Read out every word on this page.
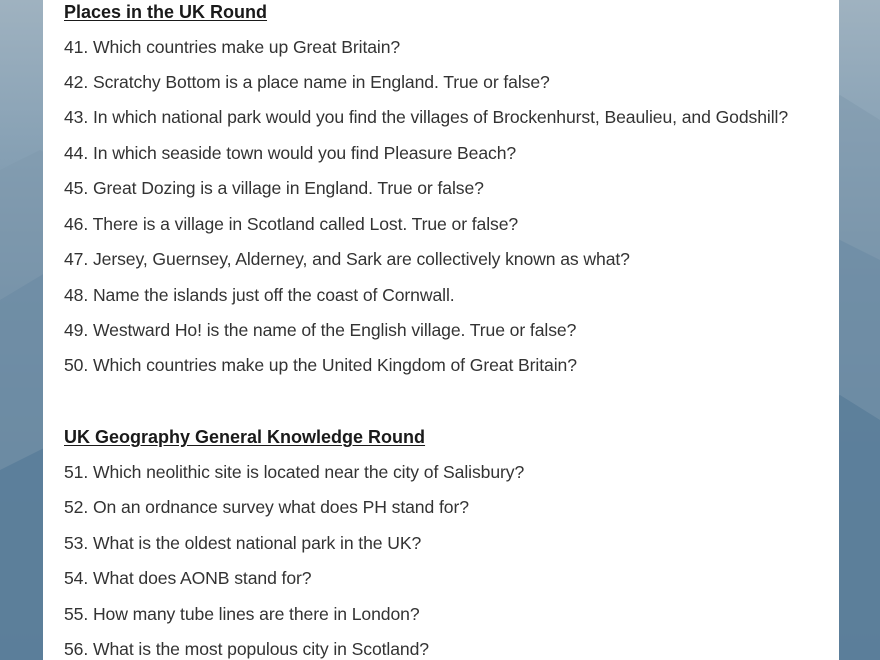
Places in the UK Round
41. Which countries make up Great Britain?
42. Scratchy Bottom is a place name in England. True or false?
43. In which national park would you find the villages of Brockenhurst, Beaulieu, and Godshill?
44. In which seaside town would you find Pleasure Beach?
45. Great Dozing is a village in England. True or false?
46. There is a village in Scotland called Lost. True or false?
47. Jersey, Guernsey, Alderney, and Sark are collectively known as what?
48. Name the islands just off the coast of Cornwall.
49. Westward Ho! is the name of the English village. True or false?
50. Which countries make up the United Kingdom of Great Britain?
UK Geography General Knowledge Round
51. Which neolithic site is located near the city of Salisbury?
52. On an ordnance survey what does PH stand for?
53. What is the oldest national park in the UK?
54. What does AONB stand for?
55. How many tube lines are there in London?
56. What is the most populous city in Scotland?
